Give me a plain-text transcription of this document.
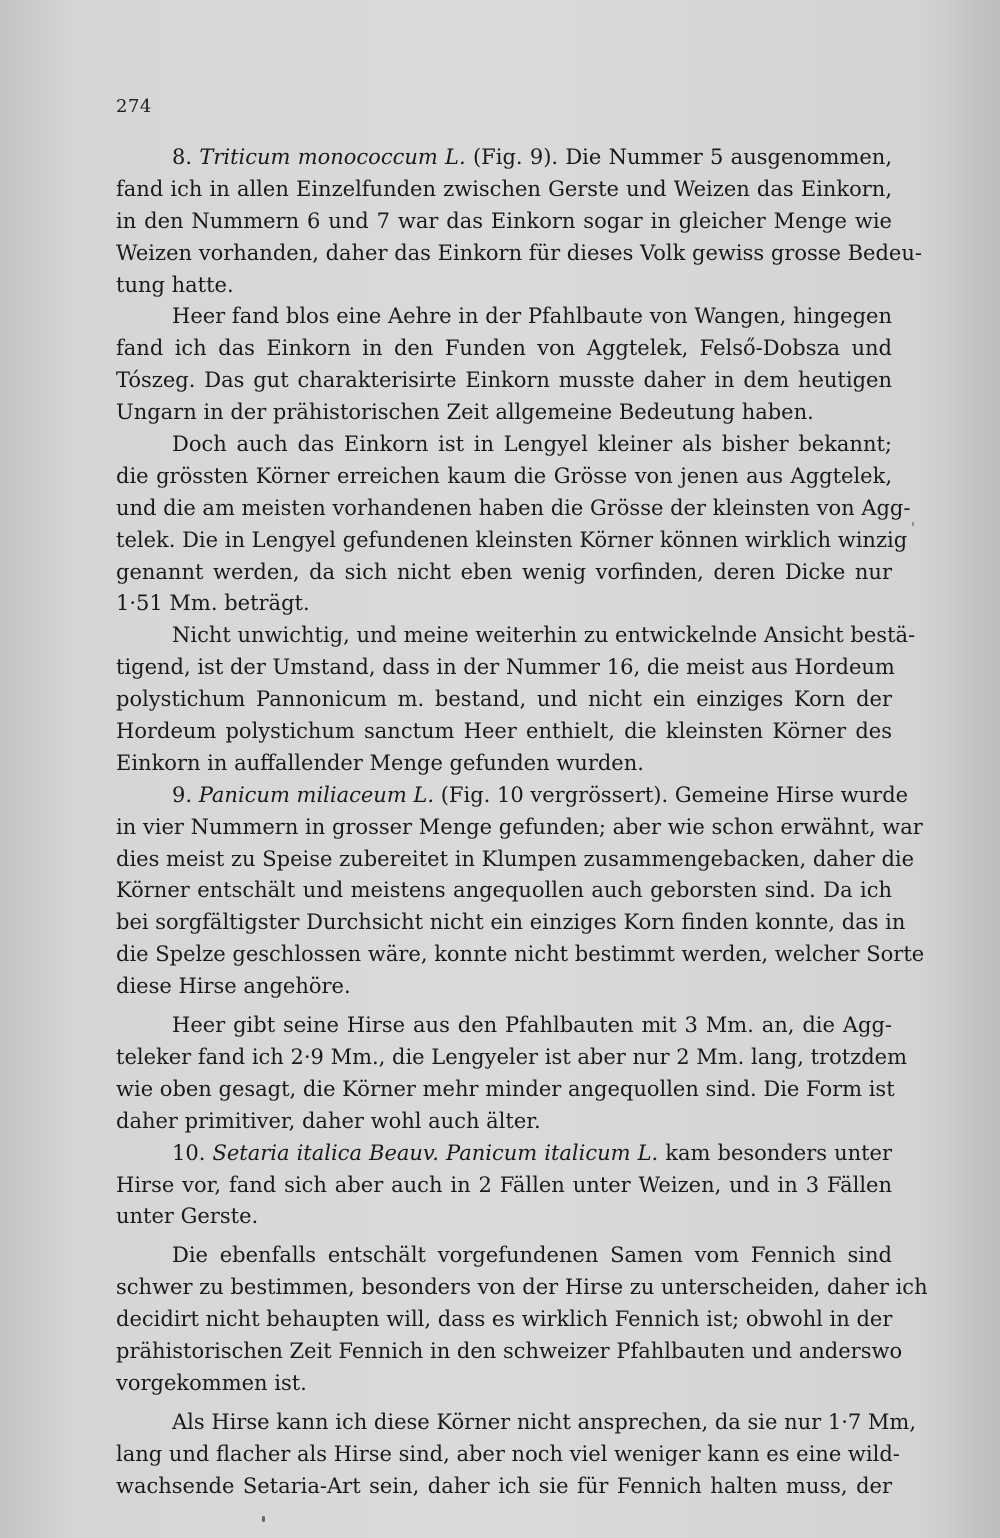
274
8. Triticum monococcum L. (Fig. 9). Die Nummer 5 ausgenommen,
fand ich in allen Einzelfunden zwischen Gerste und Weizen das Einkorn,
in den Nummern 6 und 7 war das Einkorn sogar in gleicher Menge wie
Weizen vorhanden, daher das Einkorn für dieses Volk gewiss grosse Bedeu-
tung hatte.
Heer fand blos eine Aehre in der Pfahlbaute von Wangen, hingegen
fand ich das Einkorn in den Funden von Aggtelek, Felső-Dobsza und
Tószeg. Das gut charakterisirte Einkorn musste daher in dem heutigen
Ungarn in der prähistorischen Zeit allgemeine Bedeutung haben.
Doch auch das Einkorn ist in Lengyel kleiner als bisher bekannt;
die grössten Körner erreichen kaum die Grösse von jenen aus Aggtelek,
und die am meisten vorhandenen haben die Grösse der kleinsten von Agg-
telek. Die in Lengyel gefundenen kleinsten Körner können wirklich winzig
genannt werden, da sich nicht eben wenig vorfinden, deren Dicke nur
1·51 Mm. beträgt.
Nicht unwichtig, und meine weiterhin zu entwickelnde Ansicht bestä-
tigend, ist der Umstand, dass in der Nummer 16, die meist aus Hordeum
polystichum Pannonicum m. bestand, und nicht ein einziges Korn der
Hordeum polystichum sanctum Heer enthielt, die kleinsten Körner des
Einkorn in auffallender Menge gefunden wurden.
9. Panicum miliaceum L. (Fig. 10 vergrössert). Gemeine Hirse wurde
in vier Nummern in grosser Menge gefunden; aber wie schon erwähnt, war
dies meist zu Speise zubereitet in Klumpen zusammengebacken, daher die
Körner entschält und meistens angequollen auch geborsten sind. Da ich
bei sorgfältigster Durchsicht nicht ein einziges Korn finden konnte, das in
die Spelze geschlossen wäre, konnte nicht bestimmt werden, welcher Sorte
diese Hirse angehöre.
Heer gibt seine Hirse aus den Pfahlbauten mit 3 Mm. an, die Agg-
teleker fand ich 2·9 Mm., die Lengyeler ist aber nur 2 Mm. lang, trotzdem
wie oben gesagt, die Körner mehr minder angequollen sind. Die Form ist
daher primitiver, daher wohl auch älter.
10. Setaria italica Beauv. Panicum italicum L. kam besonders unter
Hirse vor, fand sich aber auch in 2 Fällen unter Weizen, und in 3 Fällen
unter Gerste.
Die ebenfalls entschält vorgefundenen Samen vom Fennich sind
schwer zu bestimmen, besonders von der Hirse zu unterscheiden, daher ich
decidirt nicht behaupten will, dass es wirklich Fennich ist; obwohl in der
prähistorischen Zeit Fennich in den schweizer Pfahlbauten und anderswo
vorgekommen ist.
Als Hirse kann ich diese Körner nicht ansprechen, da sie nur 1·7 Mm,
lang und flacher als Hirse sind, aber noch viel weniger kann es eine wild-
wachsende Setaria-Art sein, daher ich sie für Fennich halten muss, der
